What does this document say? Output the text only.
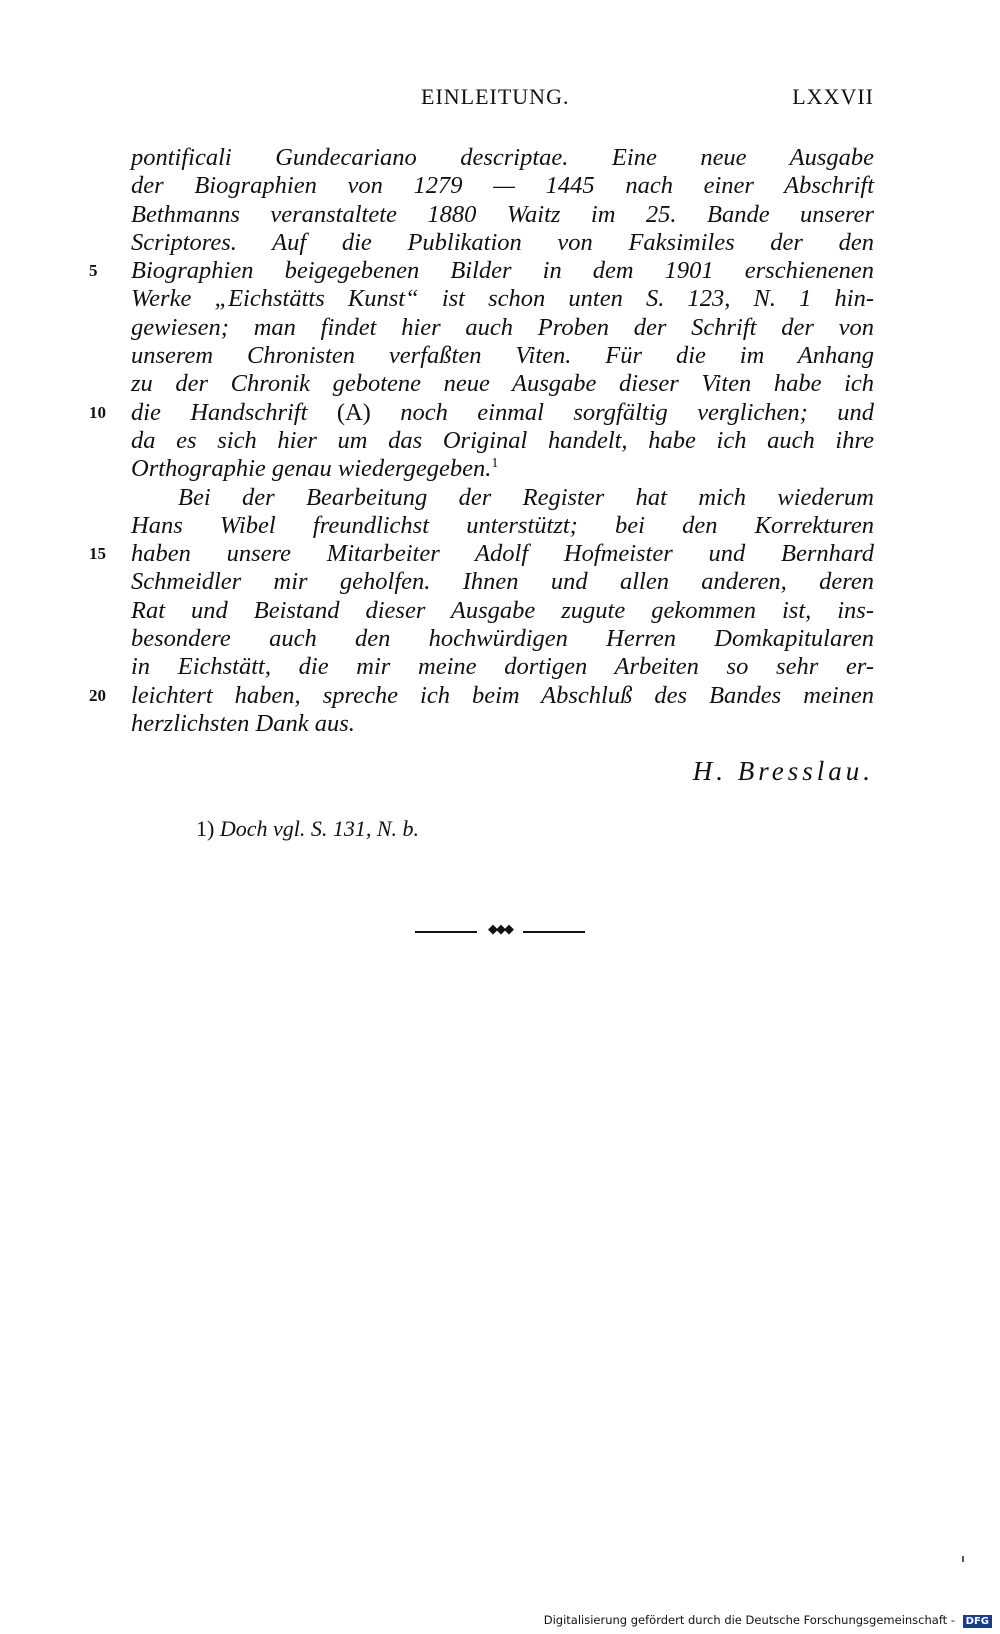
EINLEITUNG.	LXXVII
pontificali Gundecariano descriptae. Eine neue Ausgabe
der Biographien von 1279 — 1445 nach einer Abschrift
Bethmanns veranstaltete 1880 Waitz im 25. Bande unserer
Scriptores. Auf die Publikation von Faksimiles der den
5	Biographien beigegebenen Bilder in dem 1901 erschienenen
Werke „Eichstätts Kunst“ ist schon unten S. 123, N. 1 hin-
gewiesen; man findet hier auch Proben der Schrift der von
unserem Chronisten verfaßten Viten. Für die im Anhang
zu der Chronik gebotene neue Ausgabe dieser Viten habe ich
10	die Handschrift (A) noch einmal sorgfältig verglichen; und
da es sich hier um das Original handelt, habe ich auch ihre
Orthographie genau wiedergegeben.$^1$
Bei der Bearbeitung der Register hat mich wiederum
Hans Wibel freundlichst unterstützt; bei den Korrekturen
15	haben unsere Mitarbeiter Adolf Hofmeister und Bernhard
Schmeidler mir geholfen. Ihnen und allen anderen, deren
Rat und Beistand dieser Ausgabe zugute gekommen ist, ins-
besondere auch den hochwürdigen Herren Domkapitularen
in Eichstätt, die mir meine dortigen Arbeiten so sehr er-
20	leichtert haben, spreche ich beim Abschluß des Bandes meinen
herzlichsten Dank aus.
H. Bresslau.
1) Doch vgl. S. 131, N. b.
◆◆◆
Digitalisierung gefördert durch die Deutsche Forschungsgemeinschaft - DFG
